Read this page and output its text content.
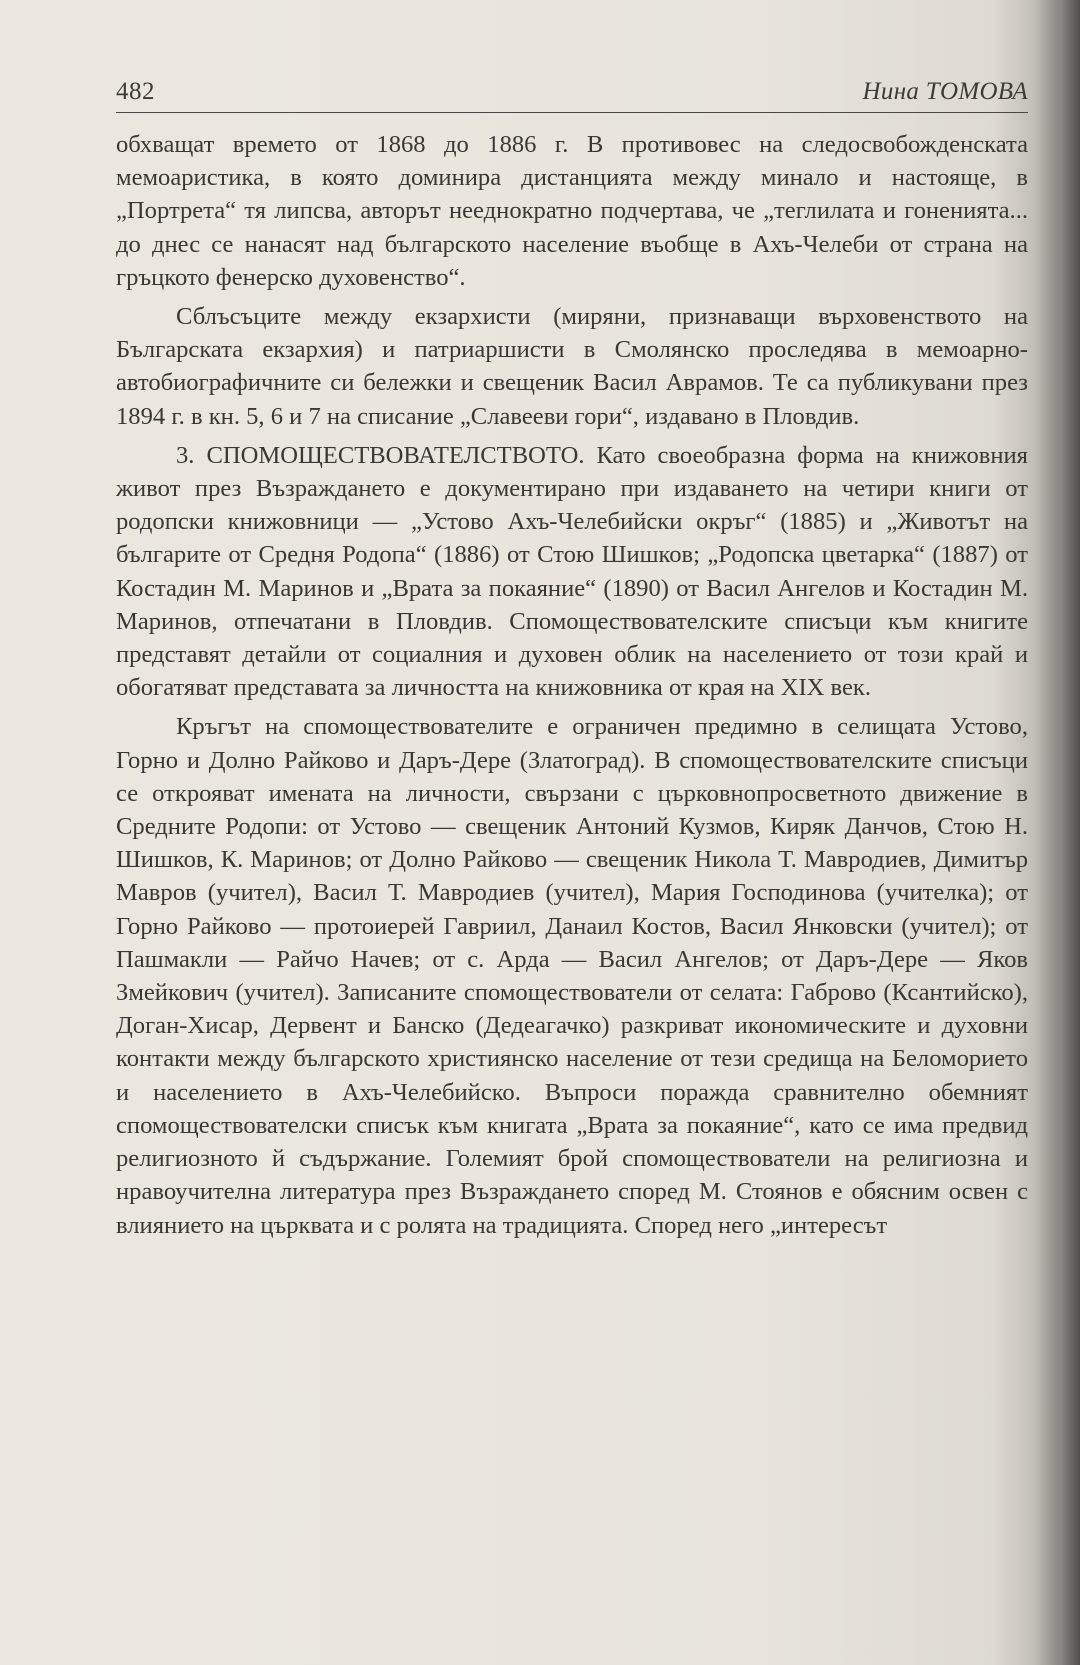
482	Нина ТОМОВА

обхващат времето от 1868 до 1886 г. В противовес на следосвобожденската мемоаристика, в която доминира дистанцията между минало и настояще, в „Портрета“ тя липсва, авторът нееднократно подчертава, че „теглилата и гоненията... до днес се нанасят над българското население въобще в Ахъ-Челеби от страна на гръцкото фенерско духовенство“.

Сблъсъците между екзархисти (миряни, признаващи върховенството на Българската екзархия) и патриаршисти в Смолянско проследява в мемоарно-автобиографичните си бележки и свещеник Васил Аврамов. Те са публикувани през 1894 г. в кн. 5, 6 и 7 на списание „Славееви гори“, издавано в Пловдив.

3. СПОМОЩЕСТВОВАТЕЛСТВОТО. Като своеобразна форма на книжовния живот през Възраждането е документирано при издаването на четири книги от родопски книжовници — „Устово Ахъ-Челебийски окръг“ (1885) и „Животът на българите от Средня Родопа“ (1886) от Стою Шишков; „Родопска цветарка“ (1887) от Костадин М. Маринов и „Врата за покаяние“ (1890) от Васил Ангелов и Костадин М. Маринов, отпечатани в Пловдив. Спомоществователските списъци към книгите представят детайли от социалния и духовен облик на населението от този край и обогатяват представата за личността на книжовника от края на XIX век.

Кръгът на спомоществователите е ограничен предимно в селищата Устово, Горно и Долно Райково и Даръ-Дере (Златоград). В спомоществователските списъци се открояват имената на личности, свързани с църковнопросветното движение в Средните Родопи: от Устово — свещеник Антоний Кузмов, Киряк Данчов, Стою Н. Шишков, К. Маринов; от Долно Райково — свещеник Никола Т. Мавродиев, Димитър Мавров (учител), Васил Т. Мавродиев (учител), Мария Господинова (учителка); от Горно Райково — протоиерей Гавриил, Данаил Костов, Васил Янковски (учител); от Пашмакли — Райчо Начев; от с. Арда — Васил Ангелов; от Даръ-Дере — Яков Змейкович (учител). Записаните спомоществователи от селата: Габрово (Ксантийско), Доган-Хисар, Дервент и Банско (Дедеагачко) разкриват икономическите и духовни контакти между българското християнско население от тези средища на Беломорието и населението в Ахъ-Челебийско. Въпроси поражда сравнително обемният спомоществователски списък към книгата „Врата за покаяние“, като се има предвид религиозното й съдържание. Големият брой спомоществователи на религиозна и нравоучителна литература през Възраждането според М. Стоянов е обясним освен с влиянието на църквата и с ролята на традицията. Според него „интересът
